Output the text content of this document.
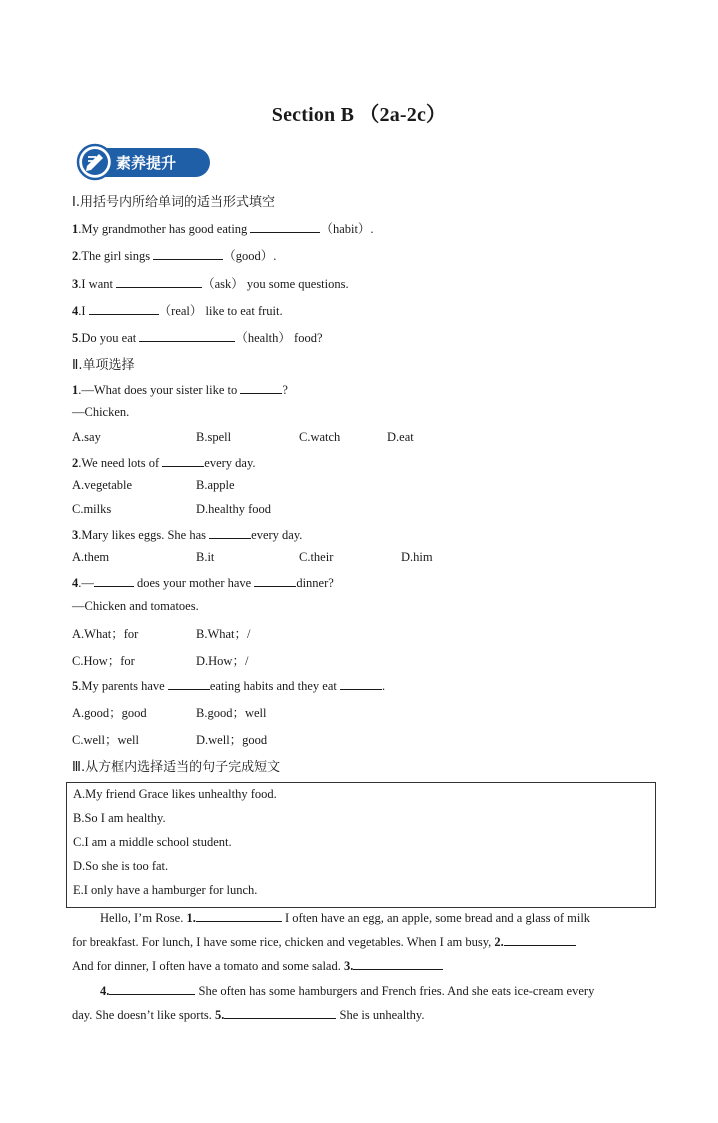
Section B （2a-2c）
素养提升
Ⅰ.用括号内所给单词的适当形式填空
1.My grandmother has good eating	（habit）.
2.The girl sings	（good）.
3.I want	（ask） you some questions.
4.I	（real） like to eat fruit.
5.Do you eat	（health） food?
Ⅱ.单项选择
1.—What does your sister like to	?
—Chicken.
A.say	B.spell	C.watch	D.eat
2.We need lots of	every day.
A.vegetable	B.apple
C.milks	D.healthy food
3.Mary likes eggs. She has	every day.
A.them	B.it	C.their	D.him
4.—	does your mother have	dinner?
—Chicken and tomatoes.
A.What；for	B.What；/
C.How；for	D.How；/
5.My parents have	eating habits and they eat	.
A.good；good	B.good；well
C.well；well	D.well；good
Ⅲ.从方框内选择适当的句子完成短文
A.My friend Grace likes unhealthy food.
B.So I am healthy.
C.I am a middle school student.
D.So she is too fat.
E.I only have a hamburger for lunch.
Hello, I’m Rose. 1.	I often have an egg, an apple, some bread and a glass of milk
for breakfast. For lunch, I have some rice, chicken and vegetables. When I am busy, 2.
And for dinner, I often have a tomato and some salad. 3.
4.	She often has some hamburgers and French fries. And she eats ice-cream every
day. She doesn’t like sports. 5.	She is unhealthy.
